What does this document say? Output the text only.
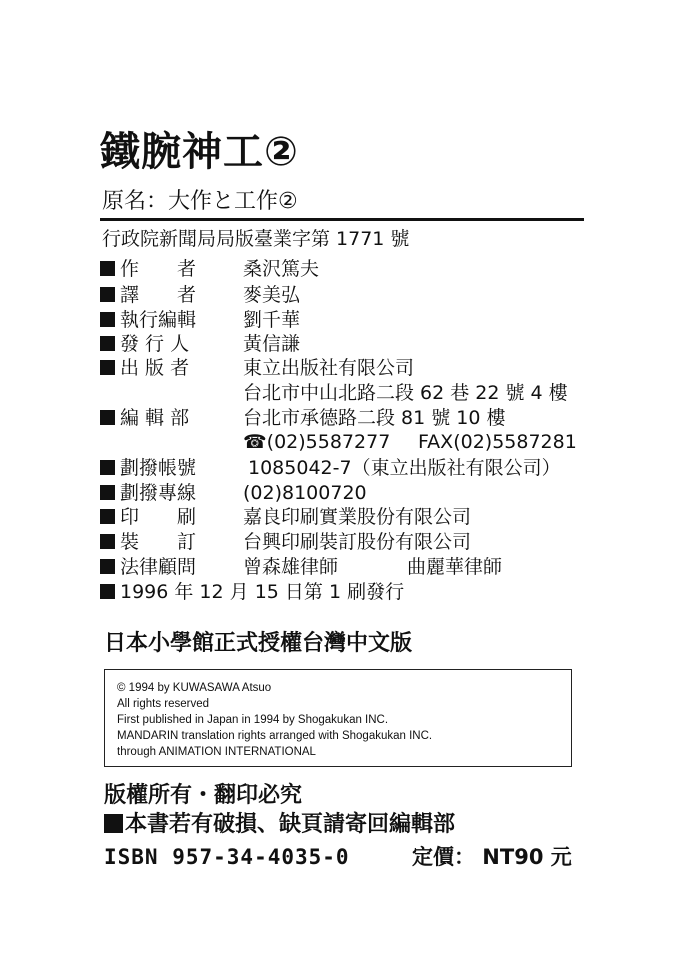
鐵腕神工②
原名：大作と工作②
行政院新聞局局版臺業字第 1771 號
作　　者 桑沢篤夫
譯　　者 麥美弘
執行編輯 劉千華
發 行 人	黃信謙
出 版 者	東立出版社有限公司
台北市中山北路二段 62 巷 22 號 4 樓
編 輯 部	台北市承德路二段 81 號 10 樓
☎(02)5587277 FAX(02)5587281
劃撥帳號	1085042-7（東立出版社有限公司）
劃撥專線 (02)8100720
印　　刷 嘉良印刷實業股份有限公司
裝　　訂 台興印刷裝訂股份有限公司
法律顧問 曾森雄律師	曲麗華律師
1996 年 12 月 15 日第 1 刷發行
日本小學館正式授權台灣中文版
© 1994 by KUWASAWA Atsuo
All rights reserved
First published in Japan in 1994 by Shogakukan INC.
MANDARIN translation rights arranged with Shogakukan INC.
through ANIMATION INTERNATIONAL
版權所有・翻印必究
本書若有破損、缺頁請寄回編輯部
ISBN 957-34-4035-0	定價： NT90 元
